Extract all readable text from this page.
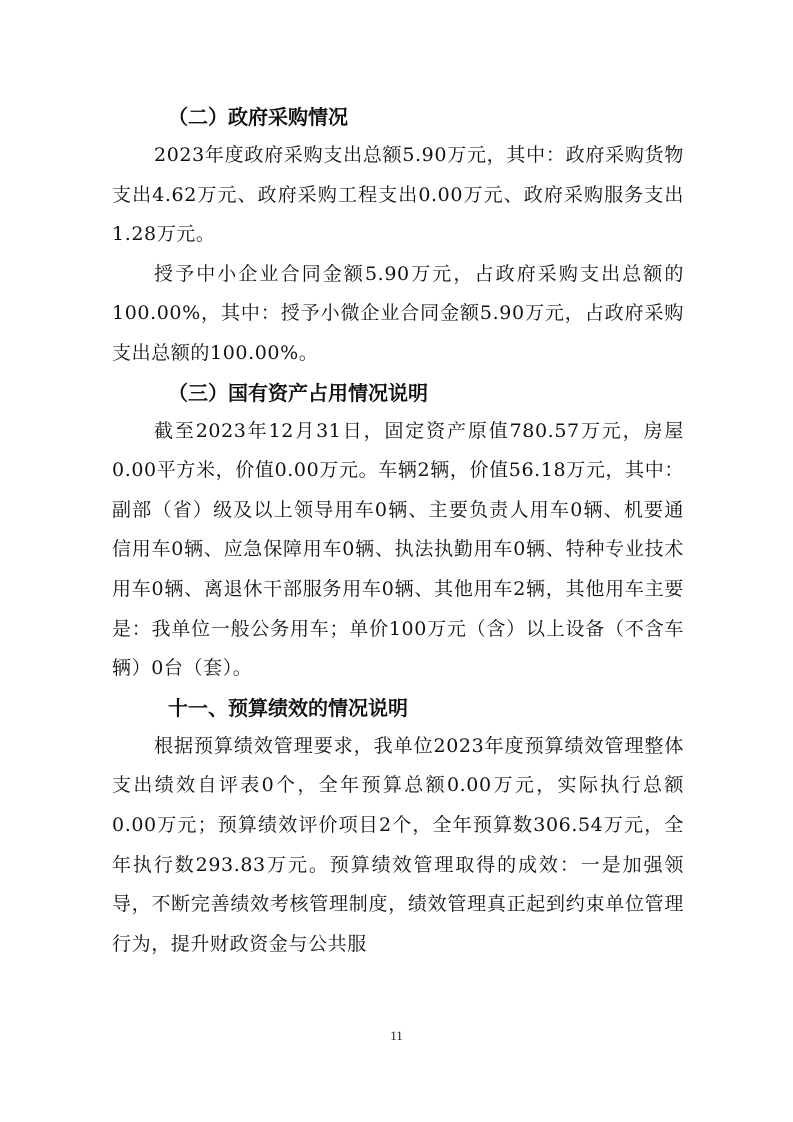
（二）政府采购情况

2023年度政府采购支出总额5.90万元，其中：政府采购货物支出4.62万元、政府采购工程支出0.00万元、政府采购服务支出1.28万元。

授予中小企业合同金额5.90万元，占政府采购支出总额的100.00%，其中：授予小微企业合同金额5.90万元，占政府采购支出总额的100.00%。

（三）国有资产占用情况说明

截至2023年12月31日，固定资产原值780.57万元，房屋0.00平方米，价值0.00万元。车辆2辆，价值56.18万元，其中：副部（省）级及以上领导用车0辆、主要负责人用车0辆、机要通信用车0辆、应急保障用车0辆、执法执勤用车0辆、特种专业技术用车0辆、离退休干部服务用车0辆、其他用车2辆，其他用车主要是：我单位一般公务用车；单价100万元（含）以上设备（不含车辆）0台（套）。

十一、预算绩效的情况说明

根据预算绩效管理要求，我单位2023年度预算绩效管理整体支出绩效自评表0个，全年预算总额0.00万元，实际执行总额0.00万元；预算绩效评价项目2个，全年预算数306.54万元，全年执行数293.83万元。预算绩效管理取得的成效：一是加强领导，不断完善绩效考核管理制度，绩效管理真正起到约束单位管理行为，提升财政资金与公共服

11
